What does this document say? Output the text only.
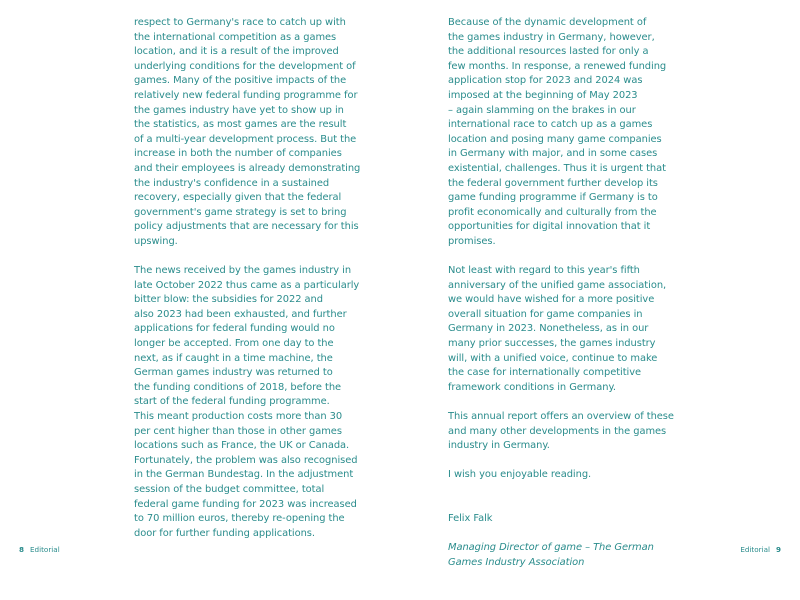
respect to Germany's race to catch up with
the international competition as a games
location, and it is a result of the improved
underlying conditions for the development of
games. Many of the positive impacts of the
relatively new federal funding programme for
the games industry have yet to show up in
the statistics, as most games are the result
of a multi-year development process. But the
increase in both the number of companies
and their employees is already demonstrating
the industry's confidence in a sustained
recovery, especially given that the federal
government's game strategy is set to bring
policy adjustments that are necessary for this
upswing.

The news received by the games industry in
late October 2022 thus came as a particularly
bitter blow: the subsidies for 2022 and
also 2023 had been exhausted, and further
applications for federal funding would no
longer be accepted. From one day to the
next, as if caught in a time machine, the
German games industry was returned to
the funding conditions of 2018, before the
start of the federal funding programme.
This meant production costs more than 30
per cent higher than those in other games
locations such as France, the UK or Canada.
Fortunately, the problem was also recognised
in the German Bundestag. In the adjustment
session of the budget committee, total
federal game funding for 2023 was increased
to 70 million euros, thereby re-opening the
door for further funding applications.

Because of the dynamic development of
the games industry in Germany, however,
the additional resources lasted for only a
few months. In response, a renewed funding
application stop for 2023 and 2024 was
imposed at the beginning of May 2023
– again slamming on the brakes in our
international race to catch up as a games
location and posing many game companies
in Germany with major, and in some cases
existential, challenges. Thus it is urgent that
the federal government further develop its
game funding programme if Germany is to
profit economically and culturally from the
opportunities for digital innovation that it
promises.

Not least with regard to this year's fifth
anniversary of the unified game association,
we would have wished for a more positive
overall situation for game companies in
Germany in 2023. Nonetheless, as in our
many prior successes, the games industry
will, with a unified voice, continue to make
the case for internationally competitive
framework conditions in Germany.

This annual report offers an overview of these
and many other developments in the games
industry in Germany.

I wish you enjoyable reading.

Felix Falk

Managing Director of game – The German
Games Industry Association

8 Editorial	Editorial 9
